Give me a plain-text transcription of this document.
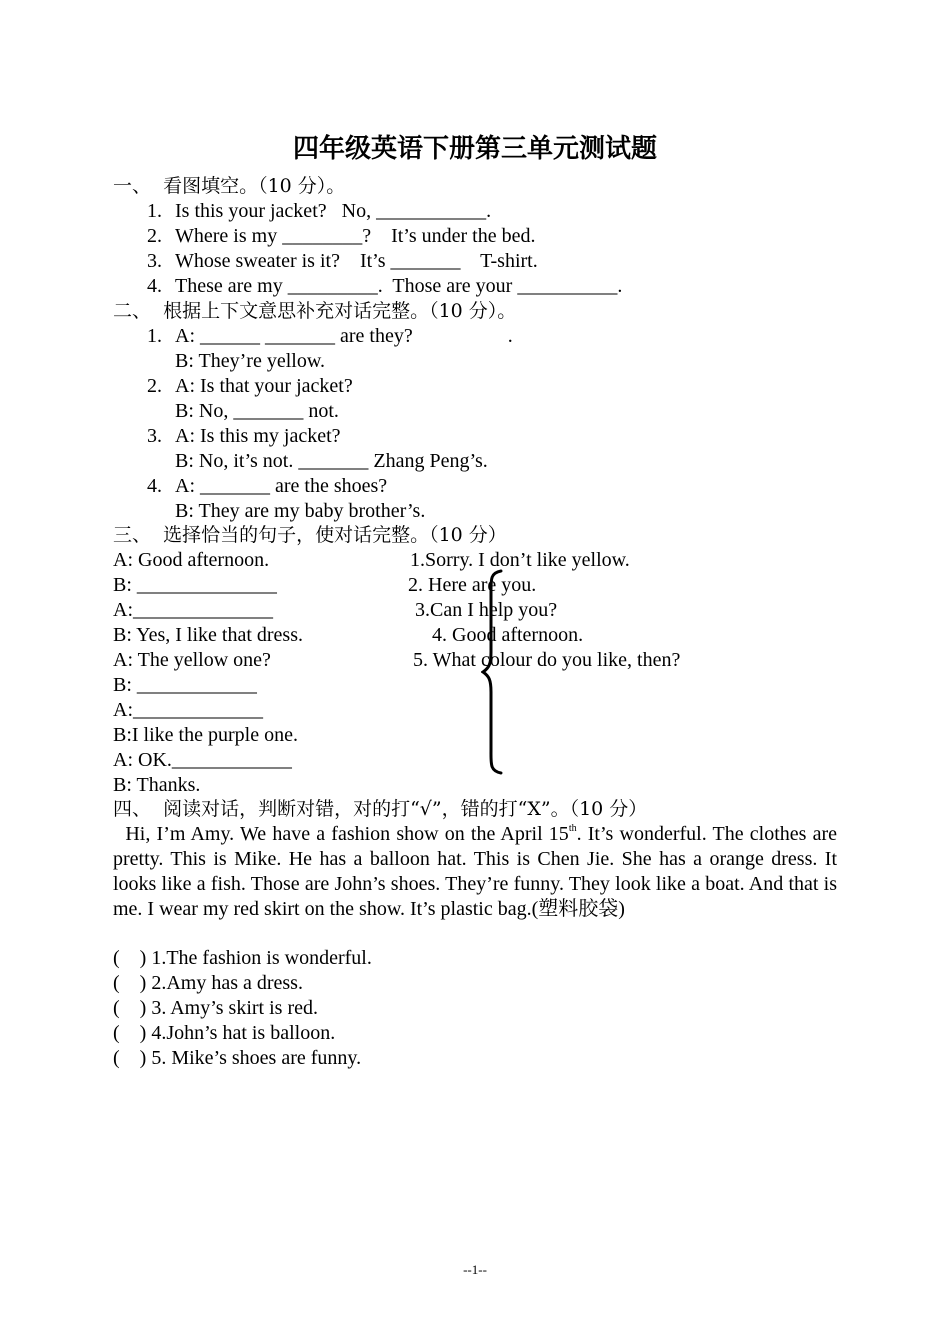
四年级英语下册第三单元测试题
一、  看图填空。（10 分）。
1. Is this your jacket?   No, ___________.
2. Where is my ________?    It’s under the bed.
3. Whose sweater is it?    It’s _______    T-shirt.
4. These are my _________.  Those are your __________.
二、  根据上下文意思补充对话完整。（10 分）。
1. A: ______ _______ are they?                   .
B: They’re yellow.
2. A: Is that your jacket?
B: No, _______ not.
3. A: Is this my jacket?
B: No, it’s not. _______ Zhang Peng’s.
4. A: _______ are the shoes?
B: They are my baby brother’s.
三、  选择恰当的句子，使对话完整。（10 分）
A: Good afternoon.
B: ______________
A:______________
B: Yes, I like that dress.
A: The yellow one?
B: ____________
A:_____________
B:I like the purple one.
A: OK.____________
B: Thanks.
1.Sorry. I don’t like yellow.
2. Here are you.
3.Can I help you?
4. Good afternoon.
5. What colour do you like, then?
四、  阅读对话，判断对错，对的打“√”，错的打“X”。（10 分）
Hi, I’m Amy. We have a fashion show on the April 15th. It’s wonderful. The clothes are pretty. This is Mike. He has a balloon hat. This is Chen Jie. She has a orange dress. It looks like a fish. Those are John’s shoes. They’re funny. They look like a boat. And that is me. I wear my red skirt on the show. It’s plastic bag.(塑料胶袋)
(    ) 1.The fashion is wonderful.
(    ) 2.Amy has a dress.
(    ) 3. Amy’s skirt is red.
(    ) 4.John’s hat is balloon.
(    ) 5. Mike’s shoes are funny.
--1--
